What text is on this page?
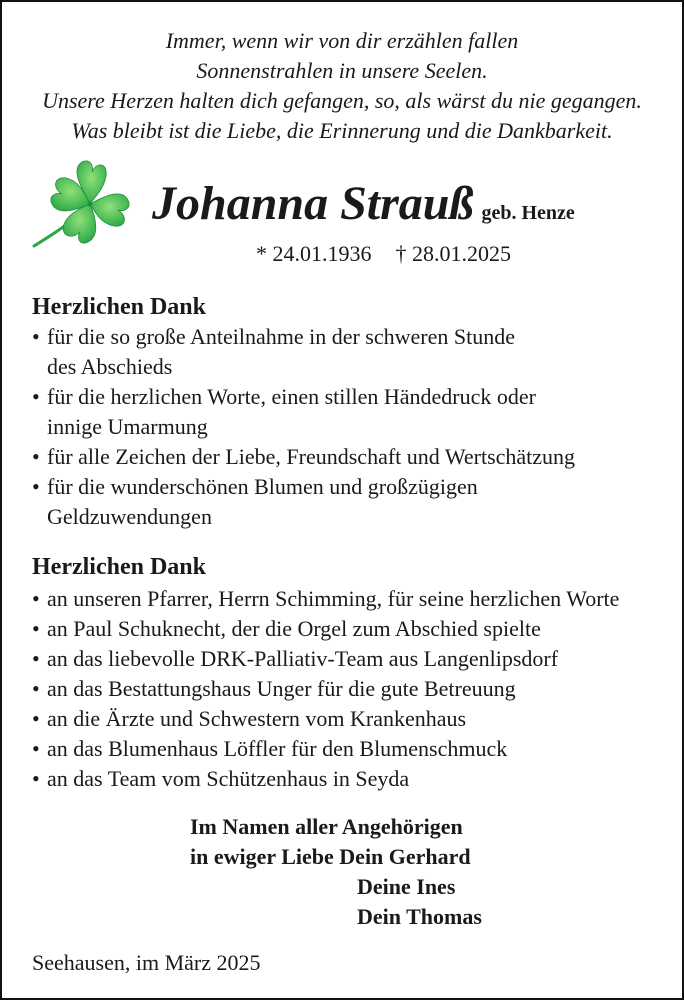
Immer, wenn wir von dir erzählen fallen
Sonnenstrahlen in unsere Seelen.
Unsere Herzen halten dich gefangen, so, als wärst du nie gegangen.
Was bleibt ist die Liebe, die Erinnerung und die Dankbarkeit.
Johanna Strauß geb. Henze
* 24.01.1936 † 28.01.2025
Herzlichen Dank
• für die so große Anteilnahme in der schweren Stunde
des Abschieds
• für die herzlichen Worte, einen stillen Händedruck oder
innige Umarmung
• für alle Zeichen der Liebe, Freundschaft und Wertschätzung
• für die wunderschönen Blumen und großzügigen
Geldzuwendungen
Herzlichen Dank
• an unseren Pfarrer, Herrn Schimming, für seine herzlichen Worte
• an Paul Schuknecht, der die Orgel zum Abschied spielte
• an das liebevolle DRK-Palliativ-Team aus Langenlipsdorf
• an das Bestattungshaus Unger für die gute Betreuung
• an die Ärzte und Schwestern vom Krankenhaus
• an das Blumenhaus Löffler für den Blumenschmuck
• an das Team vom Schützenhaus in Seyda
Im Namen aller Angehörigen
in ewiger Liebe Dein Gerhard
Deine Ines
Dein Thomas
Seehausen, im März 2025
